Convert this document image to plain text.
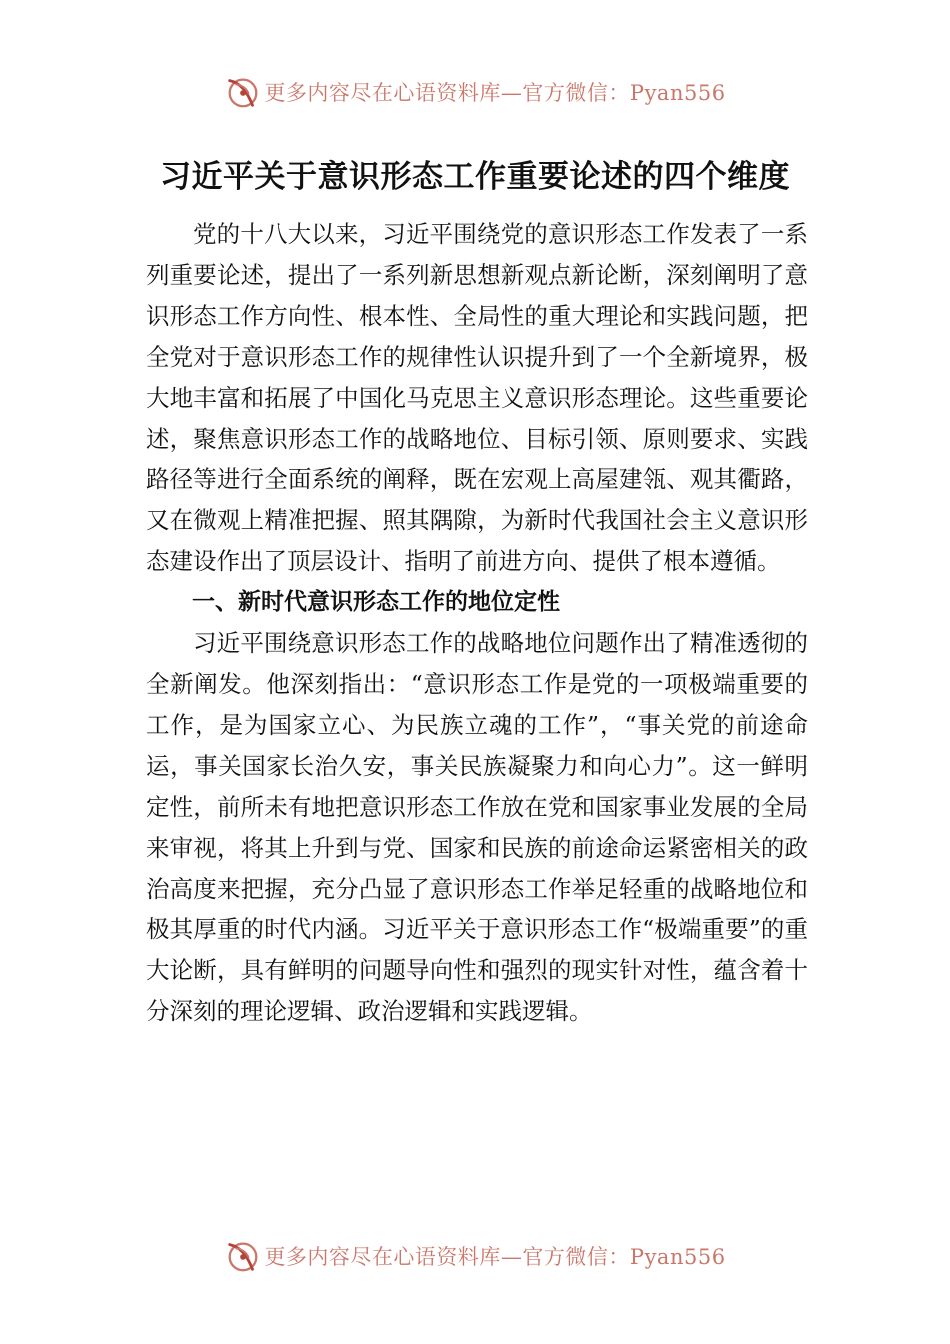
更多内容尽在心语资料库—官方微信：Pyan556
习近平关于意识形态工作重要论述的四个维度

党的十八大以来，习近平围绕党的意识形态工作发表了一系列重要论述，提出了一系列新思想新观点新论断，深刻阐明了意识形态工作方向性、根本性、全局性的重大理论和实践问题，把全党对于意识形态工作的规律性认识提升到了一个全新境界，极大地丰富和拓展了中国化马克思主义意识形态理论。这些重要论述，聚焦意识形态工作的战略地位、目标引领、原则要求、实践路径等进行全面系统的阐释，既在宏观上高屋建瓴、观其衢路，又在微观上精准把握、照其隅隙，为新时代我国社会主义意识形态建设作出了顶层设计、指明了前进方向、提供了根本遵循。

一、新时代意识形态工作的地位定性

习近平围绕意识形态工作的战略地位问题作出了精准透彻的全新阐发。他深刻指出：“意识形态工作是党的一项极端重要的工作，是为国家立心、为民族立魂的工作”，“事关党的前途命运，事关国家长治久安，事关民族凝聚力和向心力”。这一鲜明定性，前所未有地把意识形态工作放在党和国家事业发展的全局来审视，将其上升到与党、国家和民族的前途命运紧密相关的政治高度来把握，充分凸显了意识形态工作举足轻重的战略地位和极其厚重的时代内涵。习近平关于意识形态工作“极端重要”的重大论断，具有鲜明的问题导向性和强烈的现实针对性，蕴含着十分深刻的理论逻辑、政治逻辑和实践逻辑。

更多内容尽在心语资料库—官方微信：Pyan556
